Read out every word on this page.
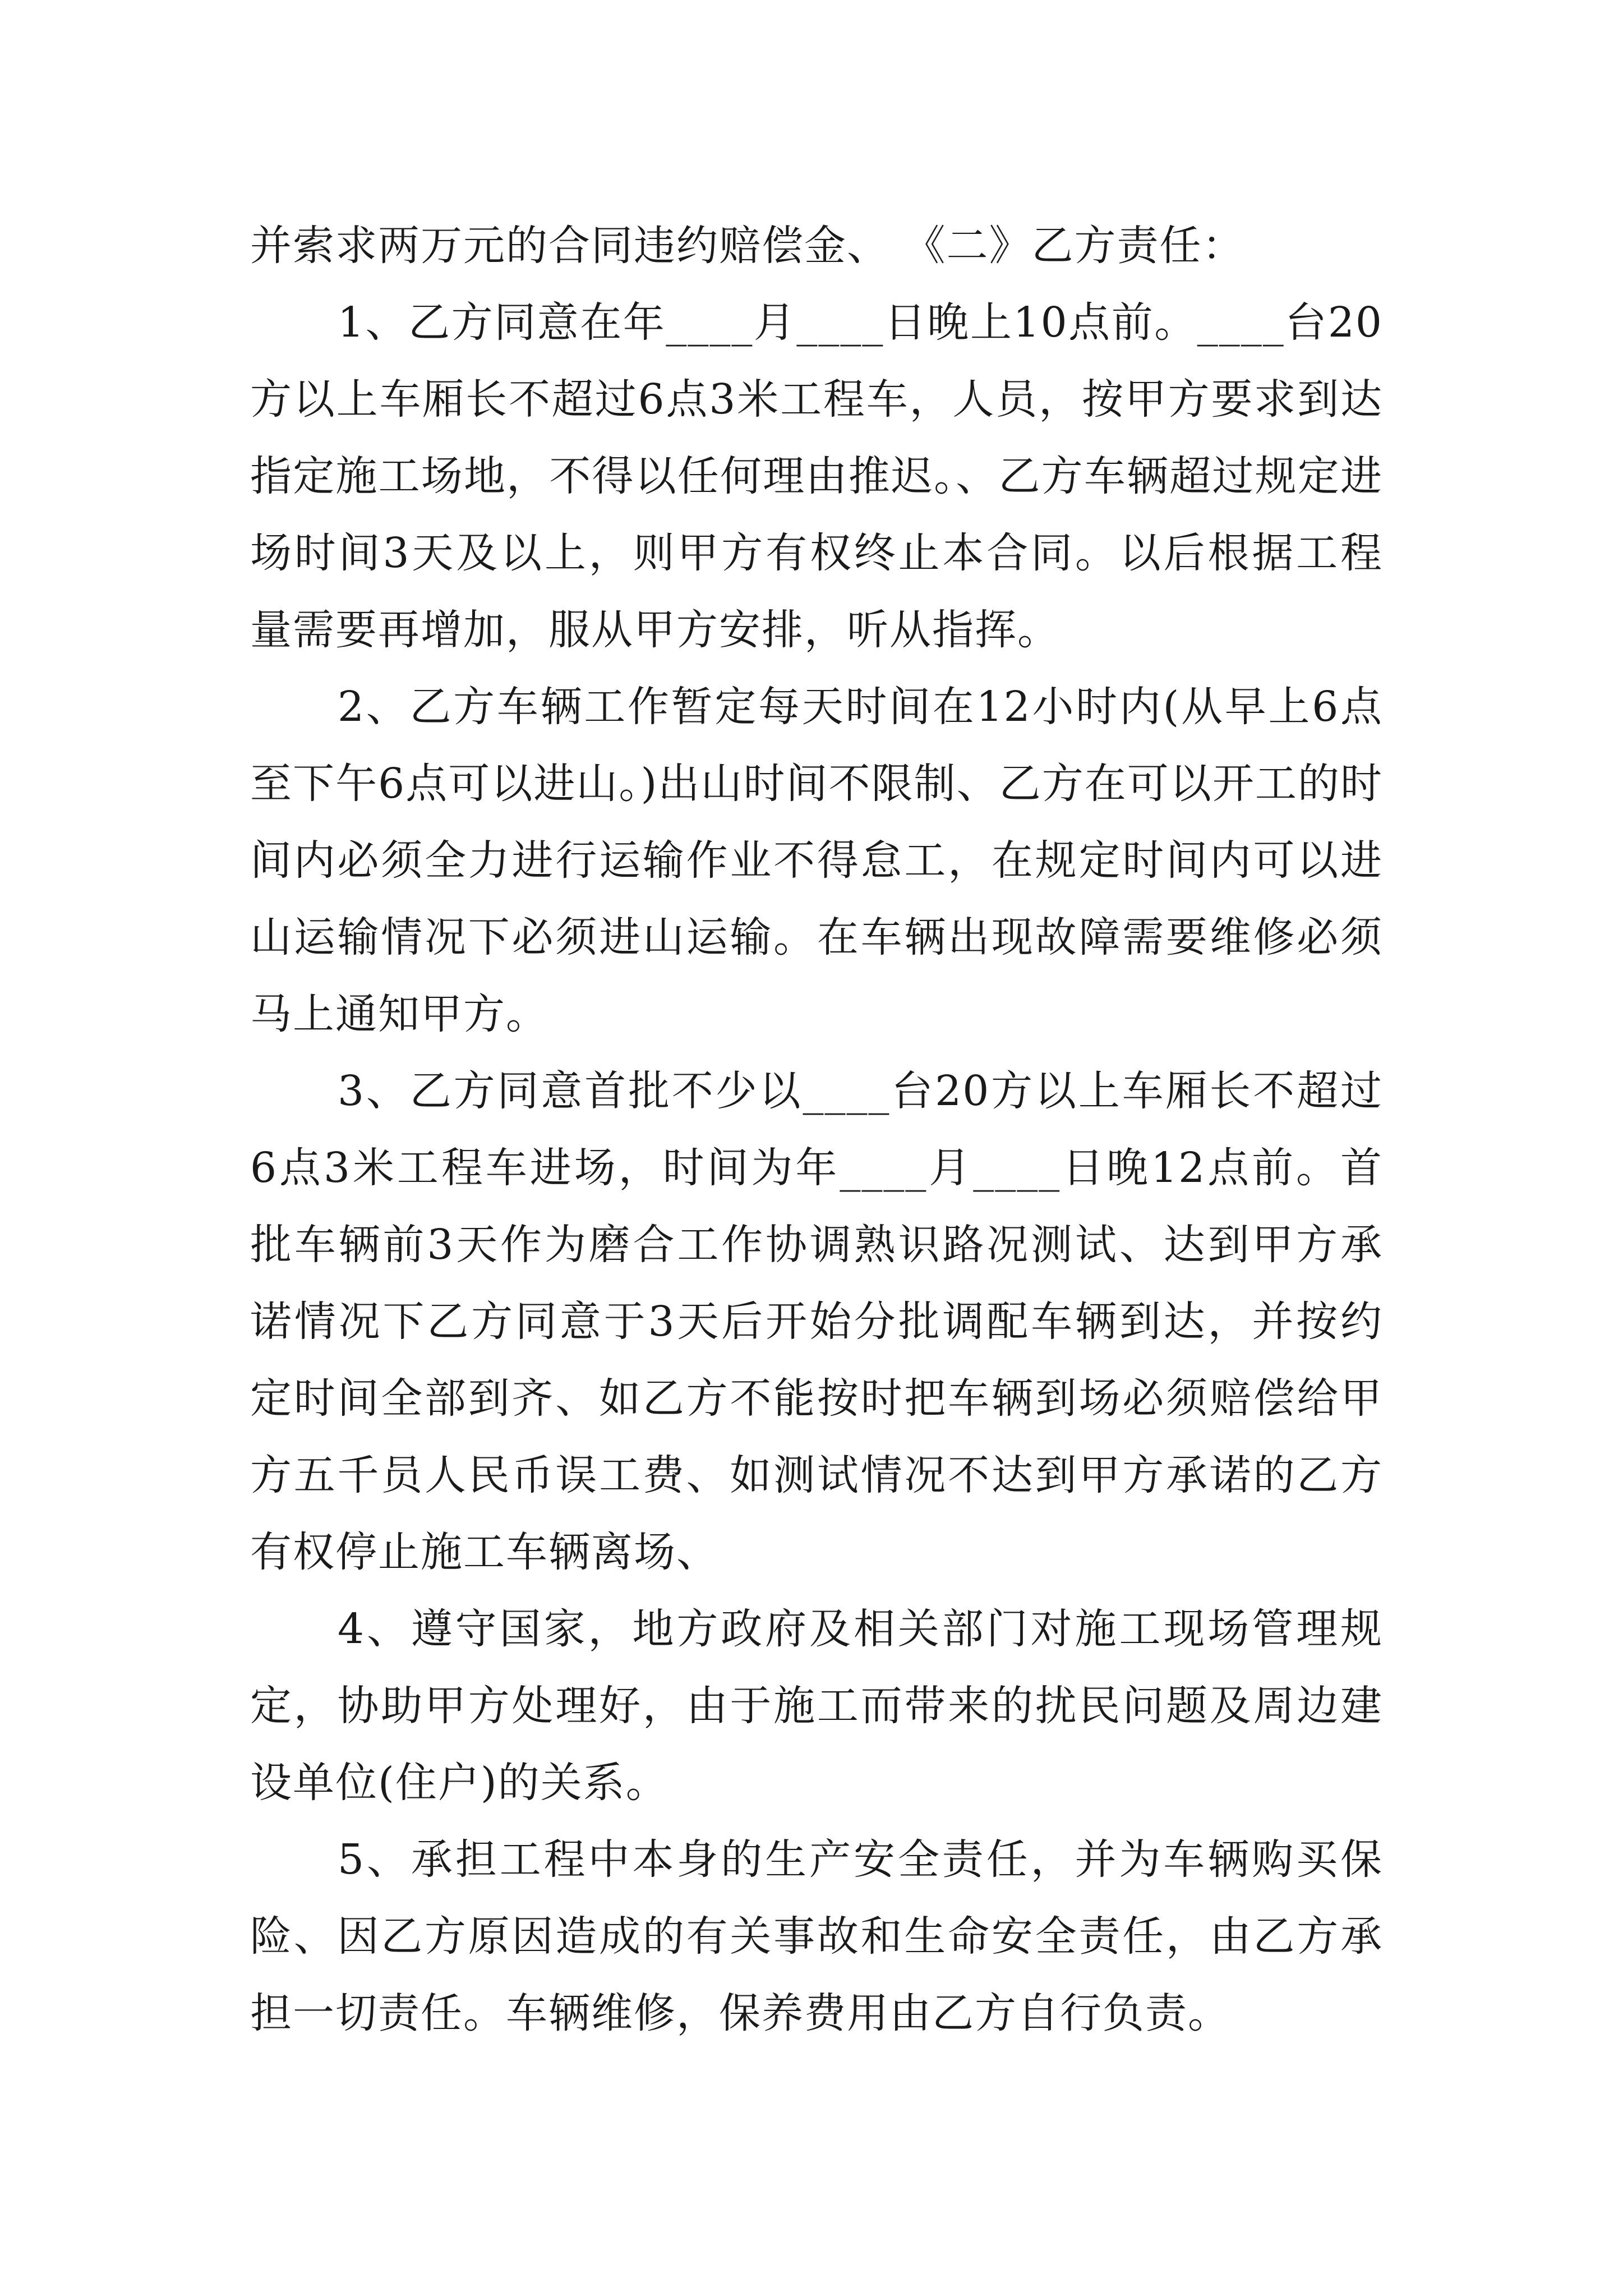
并索求两万元的合同违约赔偿金、 《二》乙方责任：

1、乙方同意在年____月____日晚上10点前。____台20方以上车厢长不超过6点3米工程车，人员，按甲方要求到达指定施工场地，不得以任何理由推迟。、乙方车辆超过规定进场时间3天及以上，则甲方有权终止本合同。以后根据工程量需要再增加，服从甲方安排，听从指挥。

2、乙方车辆工作暂定每天时间在12小时内(从早上6点至下午6点可以进山。)出山时间不限制、乙方在可以开工的时间内必须全力进行运输作业不得怠工，在规定时间内可以进山运输情况下必须进山运输。在车辆出现故障需要维修必须马上通知甲方。

3、乙方同意首批不少以____台20方以上车厢长不超过6点3米工程车进场，时间为年____月____日晚12点前。首批车辆前3天作为磨合工作协调熟识路况测试、达到甲方承诺情况下乙方同意于3天后开始分批调配车辆到达，并按约定时间全部到齐、如乙方不能按时把车辆到场必须赔偿给甲方五千员人民币误工费、如测试情况不达到甲方承诺的乙方有权停止施工车辆离场、

4、遵守国家，地方政府及相关部门对施工现场管理规定，协助甲方处理好，由于施工而带来的扰民问题及周边建设单位(住户)的关系。

5、承担工程中本身的生产安全责任，并为车辆购买保险、因乙方原因造成的有关事故和生命安全责任，由乙方承担一切责任。车辆维修，保养费用由乙方自行负责。
